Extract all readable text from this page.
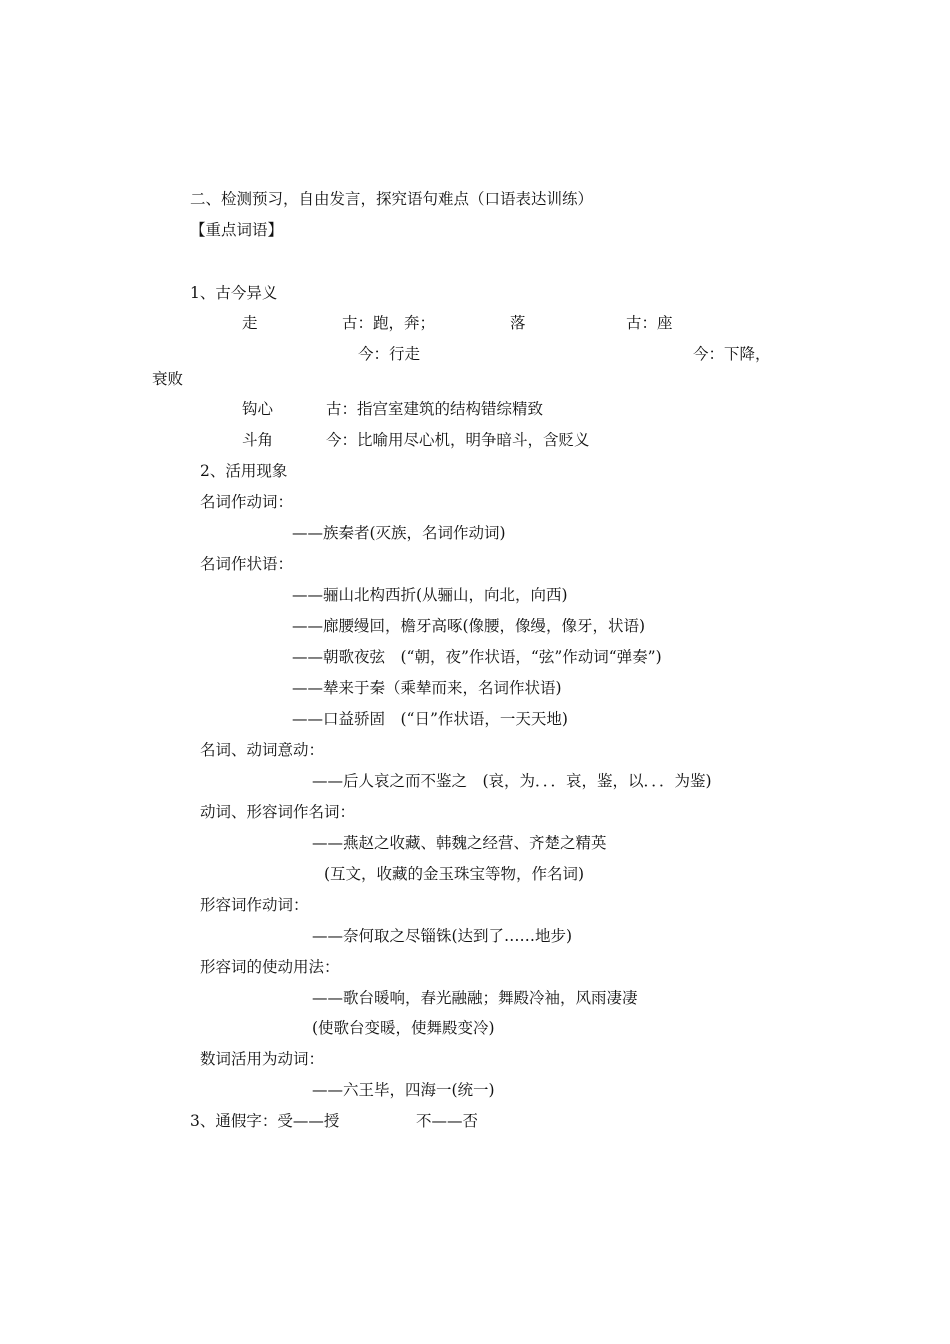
二、检测预习，自由发言，探究语句难点（口语表达训练）
【重点词语】
1、古今异义
走	古：跑，奔；	落	古：座
今：行走	今：下降，
衰败
钩心	古：指宫室建筑的结构错综精致
斗角	今：比喻用尽心机，明争暗斗，含贬义
2、活用现象
名词作动词：
——族秦者(灭族，名词作动词)
名词作状语：
——骊山北构西折(从骊山，向北，向西)
——廊腰缦回，檐牙高啄(像腰，像缦，像牙，状语)
——朝歌夜弦　(“朝，夜”作状语，“弦”作动词“弹奏”)
——辇来于秦（乘辇而来，名词作状语)
——口益骄固　(“日”作状语，一天天地)
名词、动词意动：
——后人哀之而不鉴之　(哀，为．．．哀，鉴，以．．．为鉴)
动词、形容词作名词：
——燕赵之收藏、韩魏之经营、齐楚之精英
(互文，收藏的金玉珠宝等物，作名词)
形容词作动词：
——奈何取之尽锱铢(达到了……地步)
形容词的使动用法：
——歌台暖响，春光融融；舞殿冷袖，风雨凄凄
(使歌台变暖，使舞殿变冷)
数词活用为动词：
——六王毕，四海一(统一)
3、通假字：受——授	不——否
